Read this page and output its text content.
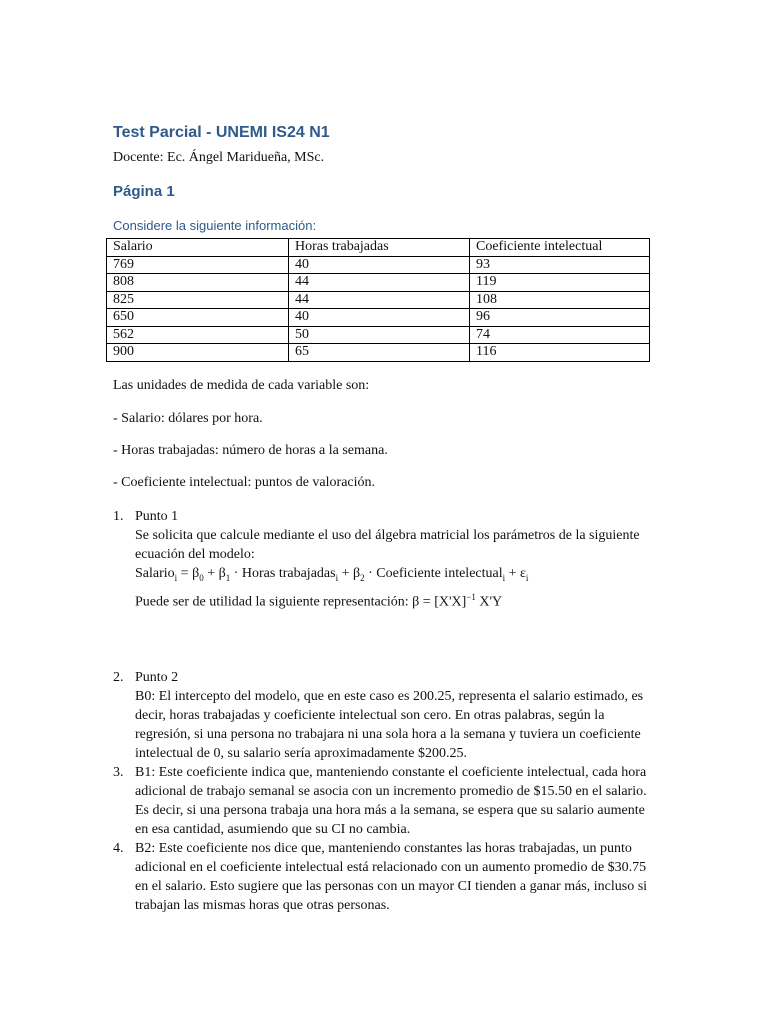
Test Parcial - UNEMI IS24 N1
Docente: Ec. Ángel Maridueña, MSc.
Página 1
Considere la siguiente información:
Salario	Horas trabajadas	Coeficiente intelectual
769	40	93
808	44	119
825	44	108
650	40	96
562	50	74
900	65	116
Las unidades de medida de cada variable son:
- Salario: dólares por hora.
- Horas trabajadas: número de horas a la semana.
- Coeficiente intelectual: puntos de valoración.
1. Punto 1
Se solicita que calcule mediante el uso del álgebra matricial los parámetros de la siguiente ecuación del modelo:
Salario$_i$ = $\beta_0 + \beta_1$ · Horas trabajadas$_i$ + $\beta_2$ · Coeficiente intelectual$_i$ + $\varepsilon_i$
Puede ser de utilidad la siguiente representación: $\beta = [X'X]^{-1}$ X'Y
2. Punto 2
B0: El intercepto del modelo, que en este caso es 200.25, representa el salario estimado, es decir, horas trabajadas y coeficiente intelectual son cero. En otras palabras, según la regresión, si una persona no trabajara ni una sola hora a la semana y tuviera un coeficiente intelectual de 0, su salario sería aproximadamente $200.25.
3. B1: Este coeficiente indica que, manteniendo constante el coeficiente intelectual, cada hora adicional de trabajo semanal se asocia con un incremento promedio de $15.50 en el salario. Es decir, si una persona trabaja una hora más a la semana, se espera que su salario aumente en esa cantidad, asumiendo que su CI no cambia.
4. B2: Este coeficiente nos dice que, manteniendo constantes las horas trabajadas, un punto adicional en el coeficiente intelectual está relacionado con un aumento promedio de $30.75 en el salario. Esto sugiere que las personas con un mayor CI tienden a ganar más, incluso si trabajan las mismas horas que otras personas.
